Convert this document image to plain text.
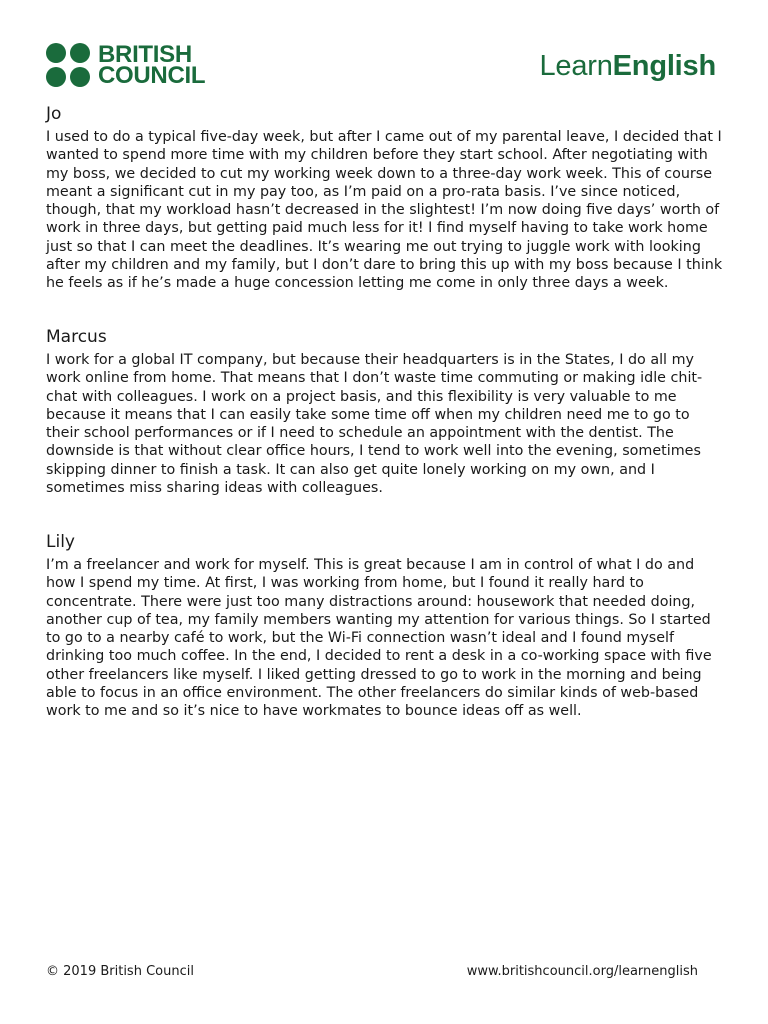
BRITISH
COUNCIL	LearnEnglish
Jo

I used to do a typical five-day week, but after I came out of my parental leave, I decided that I wanted to spend more time with my children before they start school. After negotiating with my boss, we decided to cut my working week down to a three-day work week. This of course meant a significant cut in my pay too, as I’m paid on a pro-rata basis. I’ve since noticed, though, that my workload hasn’t decreased in the slightest! I’m now doing five days’ worth of work in three days, but getting paid much less for it! I find myself having to take work home just so that I can meet the deadlines. It’s wearing me out trying to juggle work with looking after my children and my family, but I don’t dare to bring this up with my boss because I think he feels as if he’s made a huge concession letting me come in only three days a week.

Marcus

I work for a global IT company, but because their headquarters is in the States, I do all my work online from home. That means that I don’t waste time commuting or making idle chit-chat with colleagues. I work on a project basis, and this flexibility is very valuable to me because it means that I can easily take some time off when my children need me to go to their school performances or if I need to schedule an appointment with the dentist. The downside is that without clear office hours, I tend to work well into the evening, sometimes skipping dinner to finish a task. It can also get quite lonely working on my own, and I sometimes miss sharing ideas with colleagues.

Lily

I’m a freelancer and work for myself. This is great because I am in control of what I do and how I spend my time. At first, I was working from home, but I found it really hard to concentrate. There were just too many distractions around: housework that needed doing, another cup of tea, my family members wanting my attention for various things. So I started to go to a nearby café to work, but the Wi-Fi connection wasn’t ideal and I found myself drinking too much coffee. In the end, I decided to rent a desk in a co-working space with five other freelancers like myself. I liked getting dressed to go to work in the morning and being able to focus in an office environment. The other freelancers do similar kinds of web-based work to me and so it’s nice to have workmates to bounce ideas off as well.

© 2019 British Council	www.britishcouncil.org/learnenglish
